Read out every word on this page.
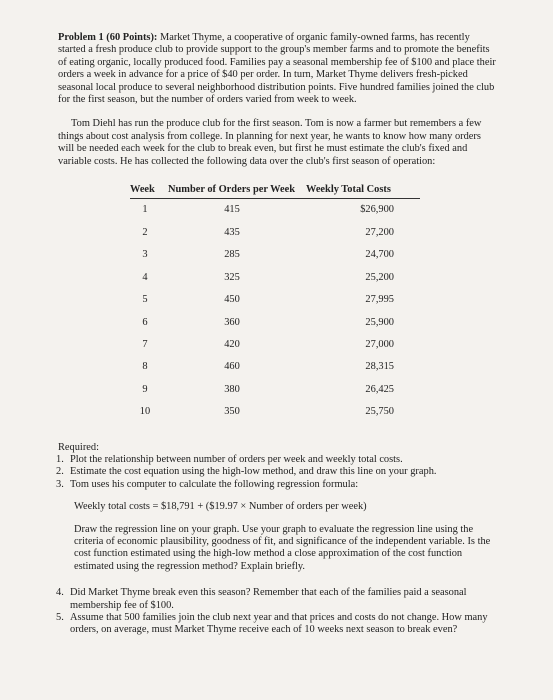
Problem 1 (60 Points): Market Thyme, a cooperative of organic family-owned farms, has recently started a fresh produce club to provide support to the group's member farms and to promote the benefits of eating organic, locally produced food. Families pay a seasonal membership fee of $100 and place their orders a week in advance for a price of $40 per order. In turn, Market Thyme delivers fresh-picked seasonal local produce to several neighborhood distribution points. Five hundred families joined the club for the first season, but the number of orders varied from week to week.

Tom Diehl has run the produce club for the first season. Tom is now a farmer but remembers a few things about cost analysis from college. In planning for next year, he wants to know how many orders will be needed each week for the club to break even, but first he must estimate the club's fixed and variable costs. He has collected the following data over the club's first season of operation:

Week	Number of Orders per Week	Weekly Total Costs
1	415	$26,900
2	435	27,200
3	285	24,700
4	325	25,200
5	450	27,995
6	360	25,900
7	420	27,000
8	460	28,315
9	380	26,425
10	350	25,750

Required:

1. Plot the relationship between number of orders per week and weekly total costs.
2. Estimate the cost equation using the high-low method, and draw this line on your graph.
3. Tom uses his computer to calculate the following regression formula:

Weekly total costs = $18,791 + ($19.97 × Number of orders per week)

Draw the regression line on your graph. Use your graph to evaluate the regression line using the criteria of economic plausibility, goodness of fit, and significance of the independent variable. Is the cost function estimated using the high-low method a close approximation of the cost function estimated using the regression method? Explain briefly.

4. Did Market Thyme break even this season? Remember that each of the families paid a seasonal membership fee of $100.
5. Assume that 500 families join the club next year and that prices and costs do not change. How many orders, on average, must Market Thyme receive each of 10 weeks next season to break even?
